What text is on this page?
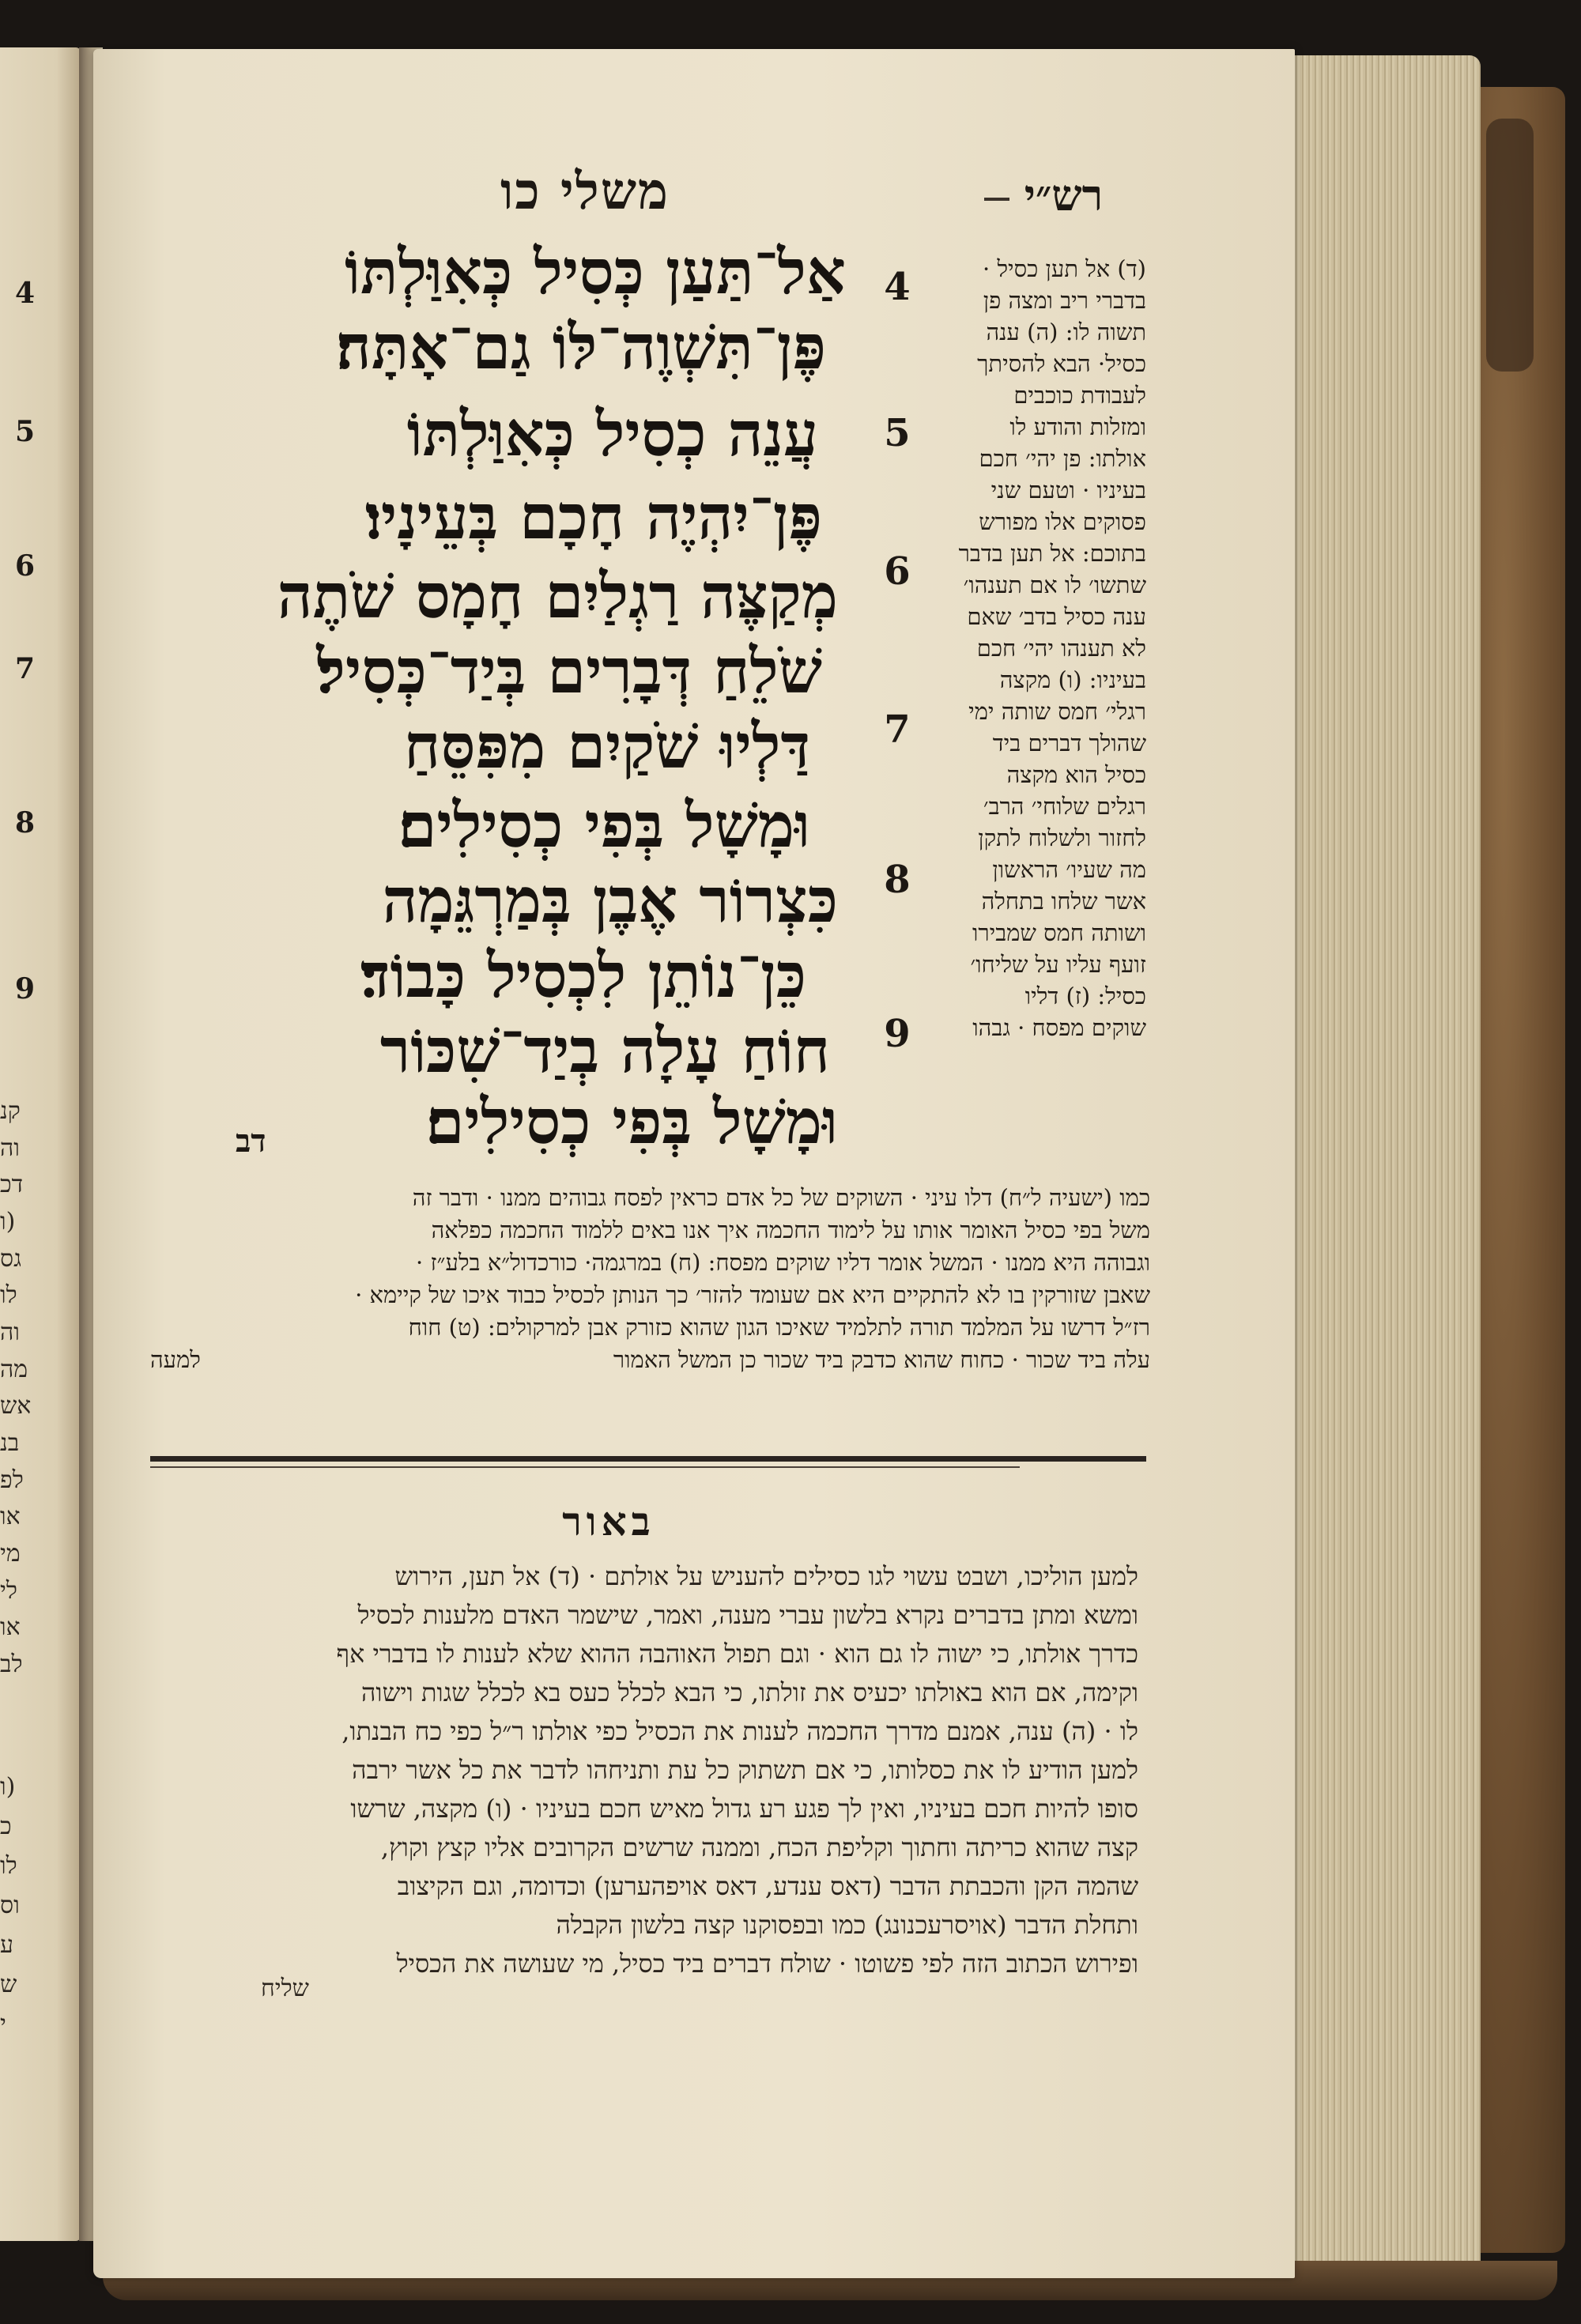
4
5
6
7
8
9
קנ
וה
דכ
(ו
גס
לו
וה
מה
אש
בנ
לפ
או
מי
לי
או
לב
(ו
כ
לו
וס
ע
ש
י
רש״י
משלי כו
אַל־תַּעַן כְּסִיל כְּאִוַּלְתּוֹ
פֶּן־תִּשְׁוֶה־לּוֹ גַם־אָתָּה׃
עֲנֵה כְסִיל כְּאִוַּלְתּוֹ
פֶּן־יִהְיֶה חָכָם בְּעֵינָיו׃
מְקַצֶּה רַגְלַיִם חָמָס שֹׁתֶה
שֹׁלֵחַ דְּבָרִים בְּיַד־כְּסִיל׃
דַּלְיוּ שֹׁקַיִם מִפִּסֵּחַ
וּמָשָׁל בְּפִי כְסִילִים׃
כִּצְרוֹר אֶבֶן בְּמַרְגֵּמָה
כֵּן־נוֹתֵן לִכְסִיל כָּבוֹד׃
חוֹחַ עָלָה בְיַד־שִׁכּוֹר
וּמָשָׁל בְּפִי כְסִילִים׃
דב
4
5
6
7
8
9
(ד) אל תען כסיל ·
בדברי ריב ומצה פן
תשוה לו: (ה) ענה
כסיל· הבא להסיתך
לעבודת כוכבים
ומזלות והודע לו
אולתו: פן יהי׳ חכם
בעיניו · וטעם שני
פסוקים אלו מפורש
בתוכם: אל תען בדבר
שתשו׳ לו אם תענהו׳
ענה כסיל בדב׳ שאם
לא תענהו יהי׳ חכם
בעיניו: (ו) מקצה
רגלי׳ חמס שותה ימי
שהולך דברים ביד
כסיל הוא מקצה
רגלים שלוחי׳ הרב׳
לחזור ולשלוח לתקן
מה שעיו׳ הראשון
אשר שלחו בתחלה
ושותה חמס שמבירו
זועף עליו על שליחו׳
כסיל: (ז) דליו
שוקים מפסח · גבהו
כמו (ישעיה ל״ח) דלו עיני · השוקים של כל אדם כראין לפסח גבוהים ממנו · ודבר זה
משל בפי כסיל האומר אותו על לימוד החכמה איך אנו באים ללמוד החכמה כפלאה
וגבוהה היא ממנו · המשל אומר דליו שוקים מפסח: (ח) במרגמה· כורכדול״א בלע״ז ·
שאבן שזורקין בו לא להתקיים היא אם שעומד להזר׳ כך הנותן לכסיל כבוד איכו של קיימא ·
רז״ל דרשו על המלמד תורה לתלמיד שאיכו הגון שהוא כזורק אבן למרקולים: (ט) חוח
עלה ביד שכור · כחוח שהוא כדבק ביד שכור כן המשל האמור
למעה
באור
למען הוליכו, ושבט עשוי לגו כסילים להעניש על אולתם · (ד) אל תען, הירוש
ומשא ומתן בדברים נקרא בלשון עברי מענה, ואמר, שישמר האדם מלענות לכסיל
כדרך אולתו, כי ישוה לו גם הוא · וגם תפול האוהבה ההוא שלא לענות לו בדברי אף
וקימה, אם הוא באולתו יכעיס את זולתו, כי הבא לכלל כעס בא לכלל שגות וישוה
לו · (ה) ענה, אמנם מדרך החכמה לענות את הכסיל כפי אולתו ר״ל כפי כח הבנתו,
למען הודיע לו את כסלותו, כי אם תשתוק כל עת ותניחהו לדבר את כל אשר ירבה
סופו להיות חכם בעיניו, ואין לך פגע רע גדול מאיש חכם בעיניו · (ו) מקצה, שרשו
קצה שהוא כריתה וחתוך וקליפת הכח, וממנה שרשים הקרובים אליו קצץ וקוץ,
שהמה הקן והכבתת הדבר (דאס ענדע, דאס אויפהערען) וכדומה, וגם הקיצוב
ותחלת הדבר (אויסרעכנונג) כמו ובפסוקנו קצה בלשון הקבלה
ופירוש הכתוב הזה לפי פשוטו · שולח דברים ביד כסיל, מי שעושה את הכסיל
שליח
